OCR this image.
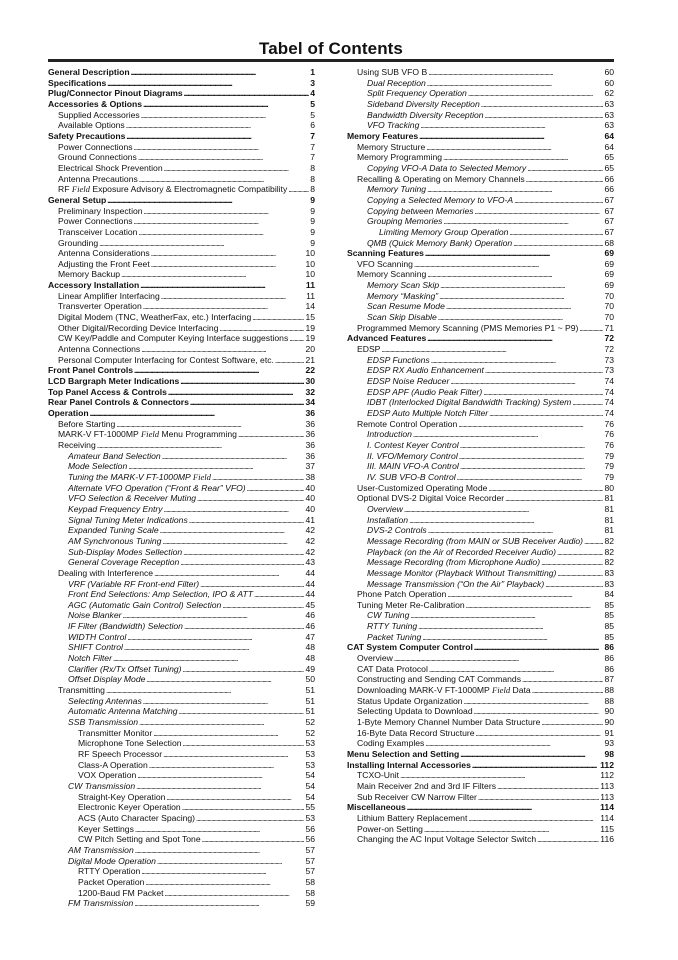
Tabel of Contents
General Description . . .	1
Specifications . . .	3
Plug/Connector Pinout Diagrams . . .	4
Accessories & Options . . .	5
Supplied Accessories . . .	5
Available Options . . .	6
Safety Precautions . . .	7
Power Connections . . .	7
Ground Connections . . .	7
Electrical Shock Prevention . . .	8
Antenna Precautions . . .	8
RF Field Exposure Advisory & Electromagnetic Compatibility . . .	8
General Setup . . .	9
Preliminary Inspection . . .	9
Power Connections . . .	9
Transceiver Location . . .	9
Grounding . . .	9
Antenna Considerations . . .	10
Adjusting the Front Feet . . .	10
Memory Backup . . .	10
Accessory Installation . . .	11
Linear Amplifier Interfacing . . .	11
Transverter Operation . . .	14
Digital Modem (TNC, WeatherFax, etc.) Interfacing . . .	15
Other Digital/Recording Device Interfacing . . .	19
CW Key/Paddle and Computer Keying Interface suggestions . . . 19
Antenna Connections . . .	20
Personal Computer Interfacing for Contest Software, etc. . . .	21
Front Panel Controls . . .	22
LCD Bargraph Meter Indications . . .	30
Top Panel Access & Controls . . .	32
Rear Panel Controls & Connectors . . .	34
Operation . . .	36
Before Starting . . .	36
MARK-V FT-1000MP Field Menu Programming . . .	36
Receiving . . .	36
Amateur Band Selection . . .	36
Mode Selection . . .	37
Tuning the MARK-V FT-1000MP Field . . .	38
Alternate VFO Operation (“Front & Rear” VFO) . . .	40
VFO Selection & Receiver Muting . . .	40
Keypad Frequency Entry . . .	40
Signal Tuning Meter Indications . . .	41
Expanded Tuning Scale . . .	42
AM Synchronous Tuning . . .	42
Sub-Display Modes Sellection . . .	42
General Coverage Reception . . .	43
Dealing with Interference . . .	44
VRF (Variable RF Front-end Filter) . . .	44
Front End Selections: Amp Selection, IPO & ATT . . .	44
AGC (Automatic Gain Control) Selection . . .	45
Noise Blanker . . .	46
IF Filter (Bandwidth) Selection . . .	46
WIDTH Control . . .	47
SHIFT Control . . .	48
Notch Filter . . .	48
Clarifier (Rx/Tx Offset Tuning) . . .	49
Offset Display Mode . . .	50
Transmitting . . .	51
Selecting Antennas . . .	51
Automatic Antenna Matching . . .	51
SSB Transmission . . .	52
Transmitter Monitor . . .	52
Microphone Tone Selection . . .	53
RF Speech Processor . . .	53
Class-A Operation . . .	53
VOX Operation . . .	54
CW Transmission . . .	54
Straight-Key Operation . . .	54
Electronic Keyer Operation . . .	55
ACS (Auto Character Spacing) . . .	53
Keyer Settings . . .	56
CW Pitch Setting and Spot Tone . . .	56
AM Transmission . . .	57
Digital Mode Operation . . .	57
RTTY Operation . . .	57
Packet Operation . . .	58
1200-Baud FM Packet . . .	58
FM Transmission . . .	59
Using SUB VFO B . . .	60
Dual Reception . . .	60
Split Frequency Operation . . .	62
Sideband Diversity Reception . . .	63
Bandwidth Diversity Reception . . .	63
VFO Tracking . . .	63
Memory Features . . .	64
Memory Structure . . .	64
Memory Programming . . .	65
Copying VFO-A Data to Selected Memory . . .	65
Recalling & Operating on Memory Channels . . .	66
Memory Tuning . . .	66
Copying a Selected Memory to VFO-A . . .	67
Copying between Memories . . .	67
Grouping Memories . . .	67
Limiting Memory Group Operation . . .	67
QMB (Quick Memory Bank) Operation . . .	68
Scanning Features . . .	69
VFO Scanning . . .	69
Memory Scanning . . .	69
Memory Scan Skip . . .	69
Memory “Masking” . . .	70
Scan Resume Mode . . .	70
Scan Skip Disable . . .	70
Programmed Memory Scanning (PMS Memories P1 ~ P9) . . .	71
Advanced Features . . .	72
EDSP . . .	72
EDSP Functions . . .	73
EDSP RX Audio Enhancement . . .	73
EDSP Noise Reducer . . .	74
EDSP APF (Audio Peak Filter) . . .	74
IDBT (Interlocked Digital Bandwidth Tracking) System . . .	74
EDSP Auto Multiple Notch Filter . . .	74
Remote Control Operation . . .	76
Introduction . . .	76
I. Contest Keyer Control . . .	76
II. VFO/Memory Control . . .	79
III. MAIN VFO-A Control . . .	79
IV. SUB VFO-B Control . . .	79
User-Customized Operating Mode . . .	80
Optional DVS-2 Digital Voice Recorder . . .	81
Overview . . .	81
Installation . . .	81
DVS-2 Controls . . .	81
Message Recording (from MAIN or SUB Receiver Audio) . . . 82
Playback (on the Air of Recorded Receiver Audio) . . .	82
Message Recording (from Microphone Audio) . . .	82
Message Monitor (Playback Without Transmitting) . . .	83
Message Transmission (“On the Air” Playback) . . .	83
Phone Patch Operation . . .	84
Tuning Meter Re-Calibration . . .	85
CW Tuning . . .	85
RTTY Tuning . . .	85
Packet Tuning . . .	85
CAT System Computer Control . . .	86
Overview . . .	86
CAT Data Protocol . . .	86
Constructing and Sending CAT Commands . . .	87
Downloading MARK-V FT-1000MP Field Data . . .	88
Status Update Organization . . .	88
Selecting Updata to Download . . .	90
1-Byte Memory Channel Number Data Structure . . .	90
16-Byte Data Record Structure . . .	91
Coding Examples . . .	93
Menu Selection and Setting . . .	98
Installing Internal Accessories . . .	112
TCXO-Unit . . .	112
Main Receiver 2nd and 3rd IF Filters . . .	113
Sub Receiver CW Narrow Filter . . .	113
Miscellaneous . . .	114
Lithium Battery Replacement . . .	114
Power-on Setting . . .	115
Changing the AC Input Voltage Selector Switch . . .	116
